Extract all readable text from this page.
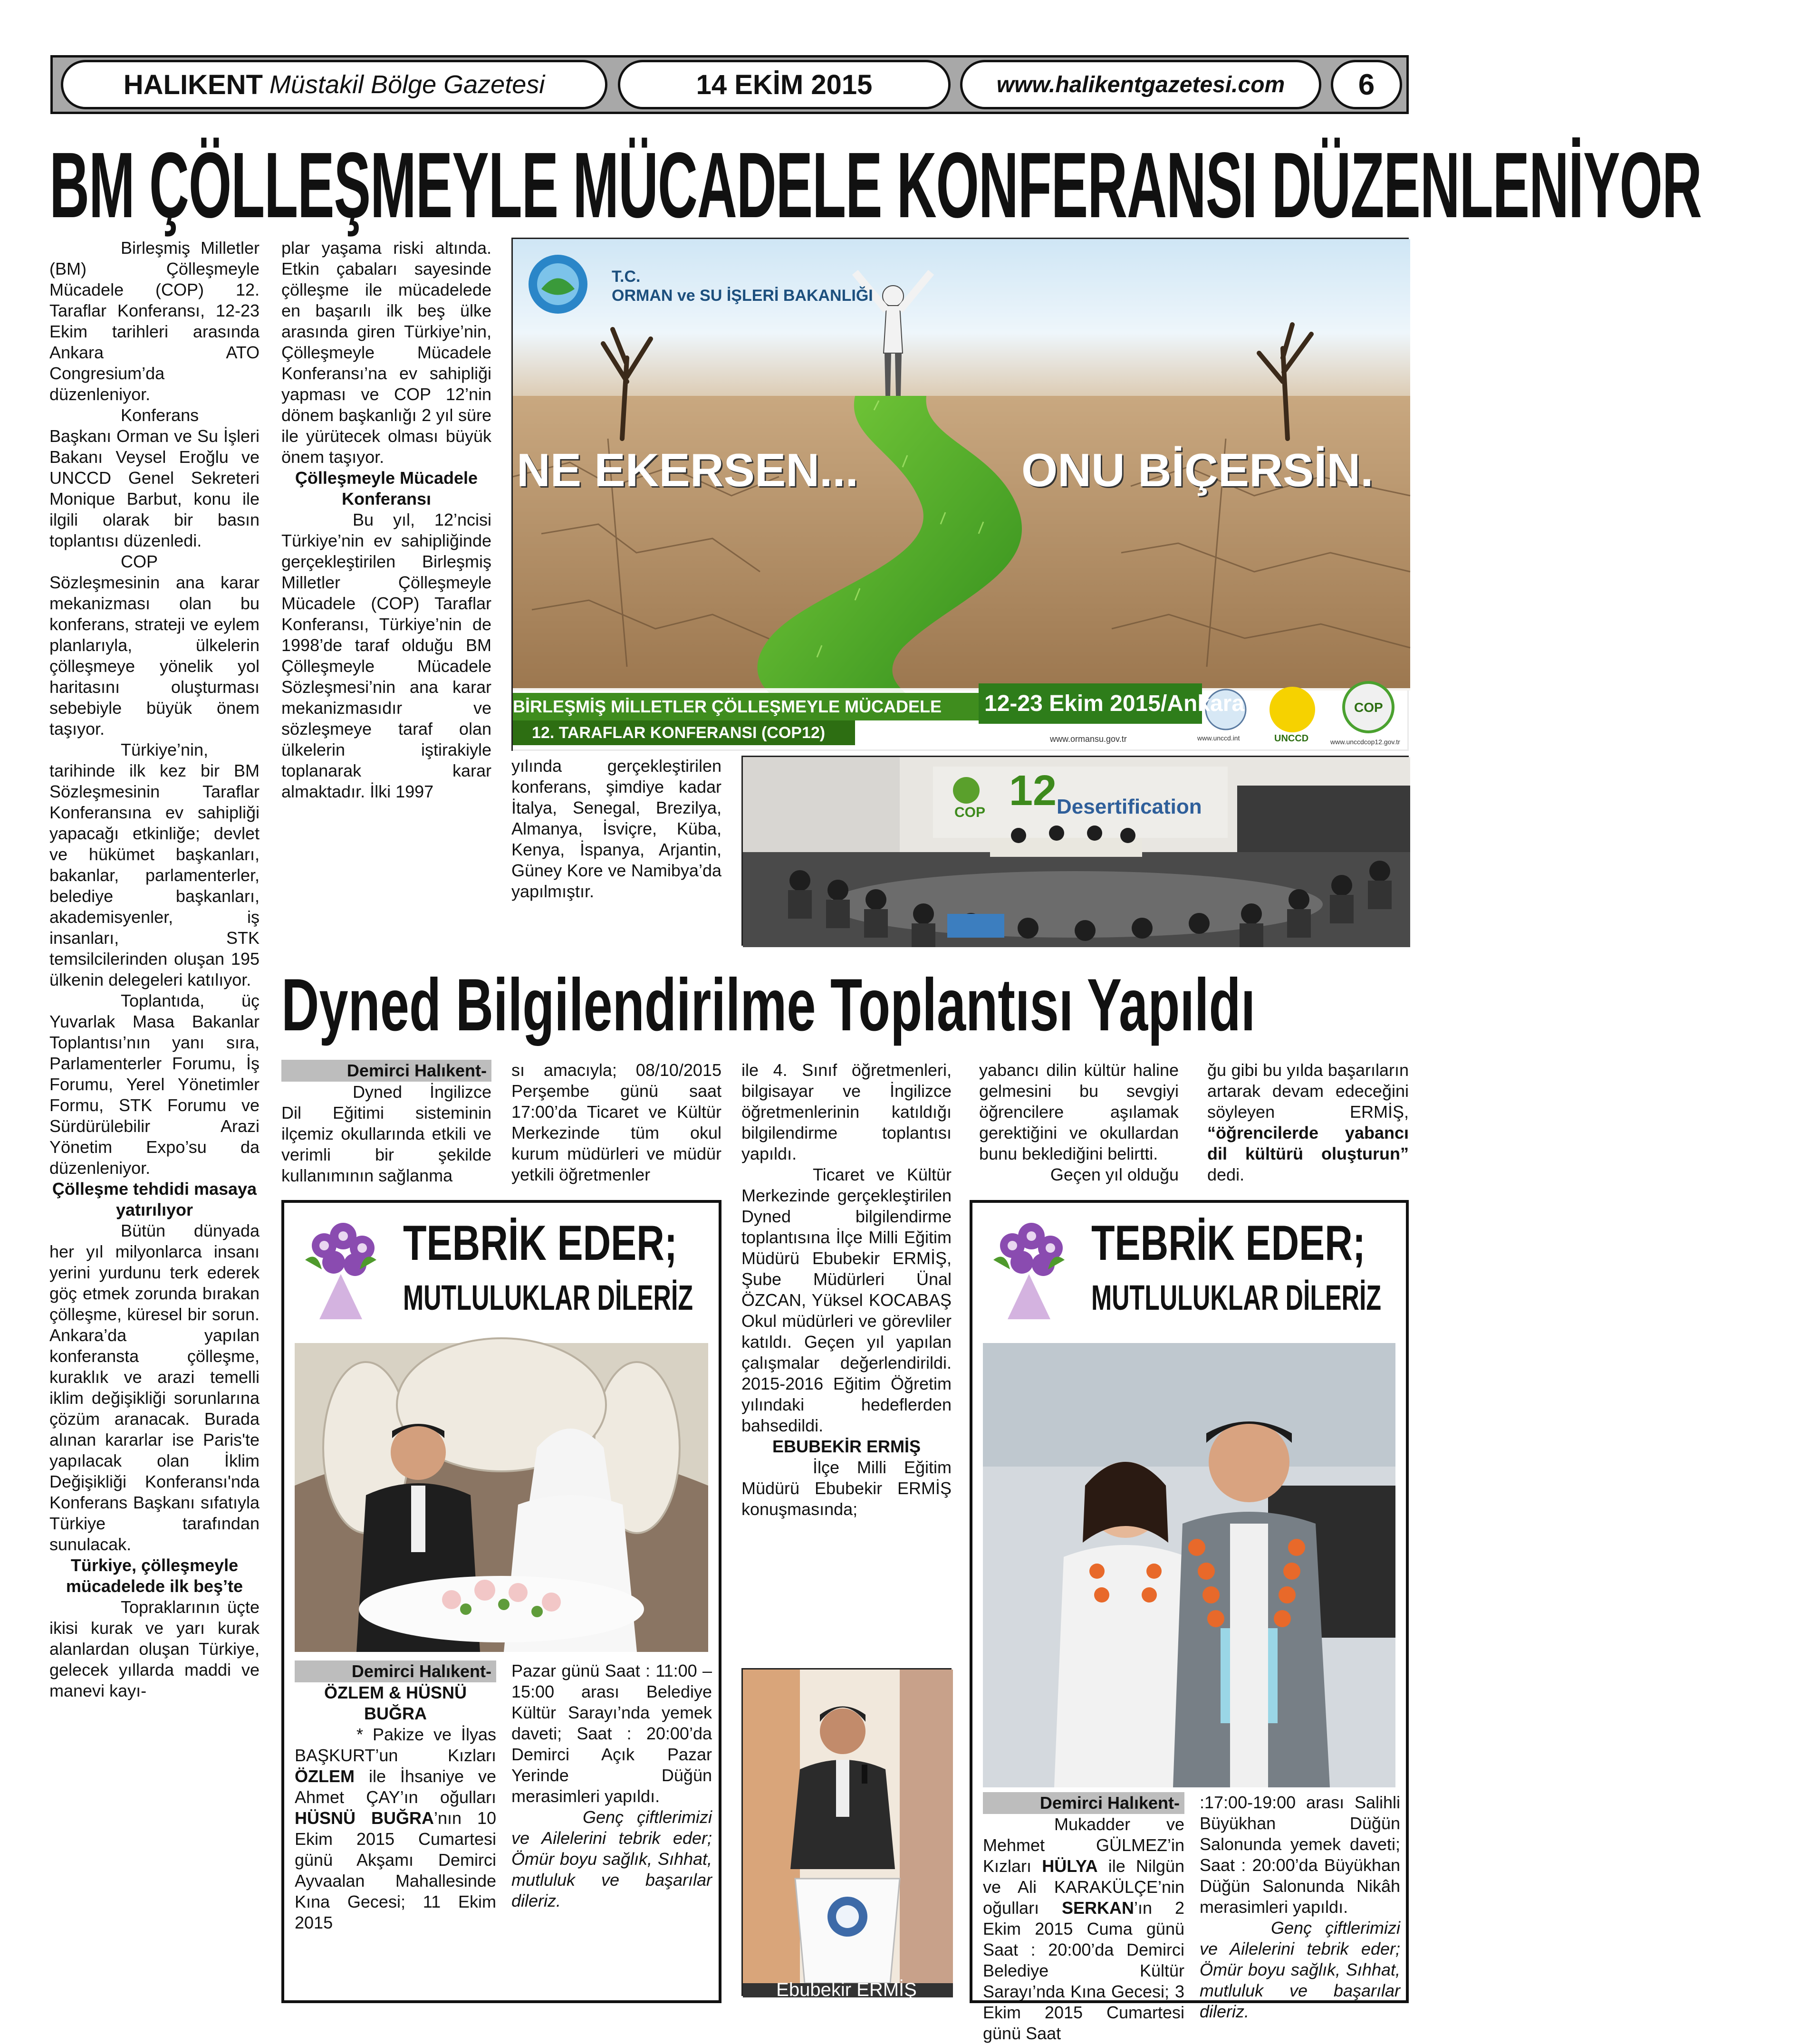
HALIKENT Müstakil Bölge Gazetesi	14 EKİM 2015	www.halikentgazetesi.com 6
BM ÇÖLLEŞMEYLE MÜCADELE KONFERANSI DÜZENLENİYOR

Birleşmiş Milletler (BM) Çölleşmeyle Mücadele (COP) 12. Taraflar Konferansı, 12-23 Ekim tarihleri arasında Ankara ATO Congresium’da düzenleniyor.

Konferans Başkanı Orman ve Su İşleri Bakanı Veysel Eroğlu ve UNCCD Genel Sekreteri Monique Barbut, konu ile ilgili olarak bir basın toplantısı düzenledi.

COP Sözleşmesinin ana karar mekanizması olan bu konferans, strateji ve eylem planlarıyla, ülkelerin çölleşmeye yönelik yol haritasını oluşturması sebebiyle büyük önem taşıyor.

Türkiye’nin, tarihinde ilk kez bir BM Sözleşmesinin Taraflar Konferansına ev sahipliği yapacağı etkinliğe; devlet ve hükümet başkanları, bakanlar, parlamenterler, belediye başkanları, akademisyenler, iş insanları, STK temsilcilerinden oluşan 195 ülkenin delegeleri katılıyor.

Toplantıda, üç Yuvarlak Masa Bakanlar Toplantısı’nın yanı sıra, Parlamenterler Forumu, İş Forumu, Yerel Yönetimler Formu, STK Forumu ve Sürdürülebilir Arazi Yönetim Expo’su da düzenleniyor.

Çölleşme tehdidi masaya yatırılıyor

Bütün dünyada her yıl milyonlarca insanı yerini yurdunu terk ederek göç etmek zorunda bırakan çölleşme, küresel bir sorun. Ankara’da yapılan konferansta çölleşme, kuraklık ve arazi temelli iklim değişikliği sorunlarına çözüm aranacak. Burada alınan kararlar ise Paris'te yapılacak olan İklim Değişikliği Konferansı'nda Konferans Başkanı sıfatıyla Türkiye tarafından sunulacak.

Türkiye, çölleşmeyle mücadelede ilk beş’te

Topraklarının üçte ikisi kurak ve yarı kurak alanlardan oluşan Türkiye, gelecek yıllarda maddi ve manevi kayı-

plar yaşama riski altında. Etkin çabaları sayesinde çölleşme ile mücadelede en başarılı ilk beş ülke arasında giren Türkiye’nin, Çölleşmeyle Mücadele Konferansı’na ev sahipliği yapması ve COP 12’nin dönem başkanlığı 2 yıl süre ile yürütecek olması büyük önem taşıyor.

Çölleşmeyle Mücadele Konferansı

Bu yıl, 12’ncisi Türkiye’nin ev sahipliğinde gerçekleştirilen Birleşmiş Milletler Çölleşmeyle Mücadele (COP) Taraflar Konferansı, Türkiye’nin de 1998’de taraf olduğu BM Çölleşmeyle Mücadele Sözleşmesi’nin ana karar mekanizmasıdır ve sözleşmeye taraf olan ülkelerin iştirakiyle toplanarak karar almaktadır. İlki 1997

T.C.
ORMAN ve SU İŞLERİ BAKANLIĞI
NE EKERSEN...	ONU BİÇERSİN.
BİRLEŞMİŞ MİLLETLER ÇÖLLEŞMEYLE MÜCADELE
12. TARAFLAR KONFERANSI (COP12)
12-23 Ekim 2015/Ankara
UNCCD
COP
www.ormansu.gov.tr	www.unccd.int	www.unccdcop12.gov.tr
yılında gerçekleştirilen konferans, şimdiye kadar İtalya, Senegal, Brezilya, Almanya, İsviçre, Küba, Kenya, İspanya, Arjantin, Güney Kore ve Namibya’da yapılmıştır.
COP 12 Desertification
Dyned Bilgilendirilme Toplantısı Yapıldı
Demirci Halıkent-
Dyned İngilizce Dil Eğitimi sisteminin ilçemiz okullarında etkili ve verimli bir şekilde kullanımının sağlanma
sı amacıyla; 08/10/2015 Perşembe günü saat 17:00’da Ticaret ve Kültür Merkezinde tüm okul kurum müdürleri ve müdür yetkili öğretmenler

ile 4. Sınıf öğretmenleri, bilgisayar ve İngilizce öğretmenlerinin katıldığı bilgilendirme toplantısı yapıldı.

Ticaret ve Kültür Merkezinde gerçekleştirilen Dyned bilgilendirme toplantısına İlçe Milli Eğitim Müdürü Ebubekir ERMİŞ, Şube Müdürleri Ünal ÖZCAN, Yüksel KOCABAŞ Okul müdürleri ve görevliler katıldı. Geçen yıl yapılan çalışmalar değerlendirildi. 2015-2016 Eğitim Öğretim yılındaki hedeflerden bahsedildi.

EBUBEKİR ERMİŞ

İlçe Milli Eğitim Müdürü Ebubekir ERMİŞ konuşmasında;

yabancı dilin kültür haline gelmesini bu sevgiyi öğrencilere aşılamak gerektiğini ve okullardan bunu beklediğini belirtti.
Geçen yıl olduğu
ğu gibi bu yılda başarıların artarak devam edeceğini söyleyen ERMİŞ, “öğrencilerde yabancı dil kültürü oluşturun” dedi.
Ebubekir ERMİŞ
TEBRİK EDER;
MUTLULUKLAR DİLERİZ
Demirci Halıkent-
ÖZLEM & HÜSNÜ BUĞRA
* Pakize ve İlyas BAŞKURT’un Kızları ÖZLEM ile İhsaniye ve Ahmet ÇAY’ın oğulları HÜSNÜ BUĞRA’nın 10 Ekim 2015 Cumartesi günü Akşamı Demirci Ayvaalan Mahallesinde Kına Gecesi; 11 Ekim 2015
Pazar günü Saat : 11:00 – 15:00 arası Belediye Kültür Sarayı’nda yemek daveti; Saat : 20:00’da Demirci Açık Pazar Yerinde Düğün merasimleri yapıldı.
Genç çiftlerimizi ve Ailelerini tebrik eder; Ömür boyu sağlık, Sıhhat, mutluluk ve başarılar dileriz.
TEBRİK EDER;
MUTLULUKLAR DİLERİZ
Demirci Halıkent-
Mukadder ve Mehmet GÜLMEZ’in Kızları HÜLYA ile Nilgün ve Ali KARAKÜLÇE’nin oğulları SERKAN’ın 2 Ekim 2015 Cuma günü Saat : 20:00’da Demirci Belediye Kültür Sarayı’nda Kına Gecesi; 3 Ekim 2015 Cumartesi günü Saat
:17:00-19:00 arası Salihli Büyükhan Düğün Salonunda yemek daveti; Saat : 20:00’da Büyükhan Düğün Salonunda Nikâh merasimleri yapıldı.
Genç çiftlerimizi ve Ailelerini tebrik eder; Ömür boyu sağlık, Sıhhat, mutluluk ve başarılar dileriz.
